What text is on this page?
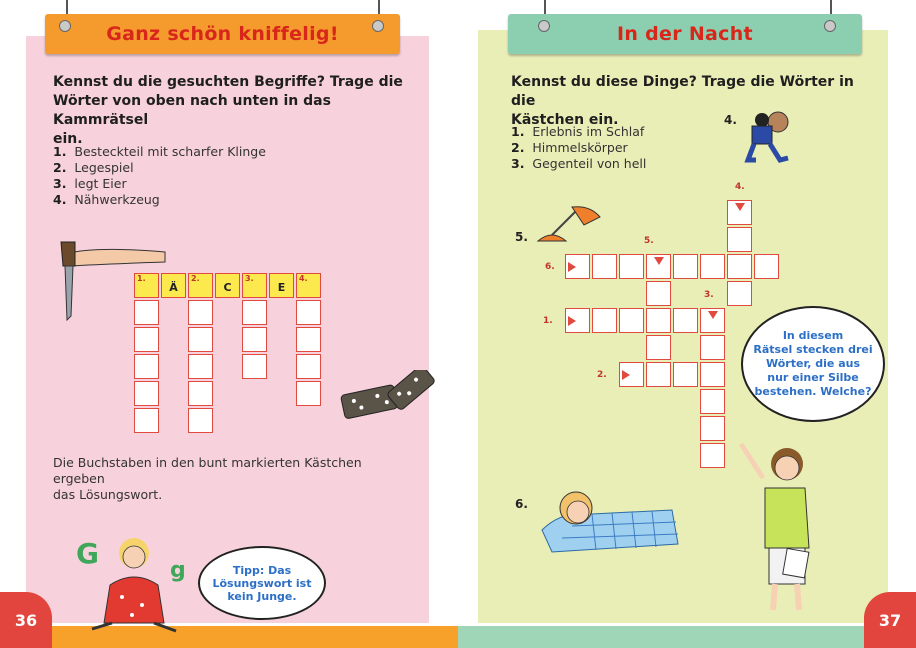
Ganz schön kniffelig!	In der Nacht
Kennst du die gesuchten Begriffe? Trage die
Wörter von oben nach unten in das Kammrätsel
ein.
1. Besteckteil mit scharfer Klinge
2. Legespiel
3. legt Eier
4. Nähwerkzeug
1.
Ä
2.
C
3.
E
4.
Die Buchstaben in den bunt markierten Kästchen ergeben
das Lösungswort.
G
g	Tipp: Das
Lösungswort ist
kein Junge.
36	37
Kennst du diese Dinge? Trage die Wörter in die
Kästchen ein.
1. Erlebnis im Schlaf
2. Himmelskörper
3. Gegenteil von hell
4.
5.
6.
4.
5.
6.
3.
1.
2.
In diesem
Rätsel stecken drei
Wörter, die aus
nur einer Silbe
bestehen. Welche?
